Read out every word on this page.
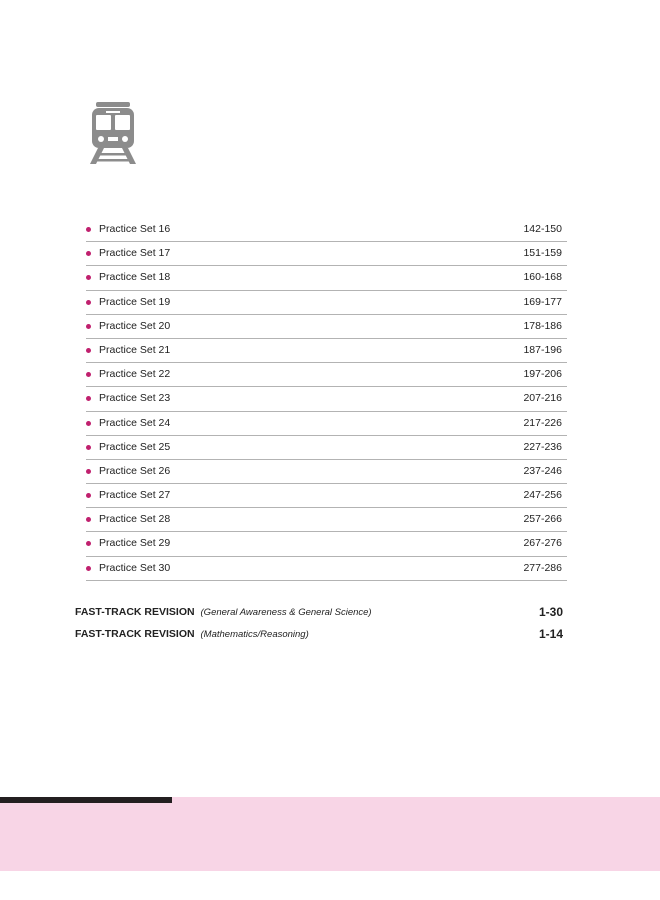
Practice Set 16	142-150
Practice Set 17	151-159
Practice Set 18	160-168
Practice Set 19	169-177
Practice Set 20	178-186
Practice Set 21	187-196
Practice Set 22	197-206
Practice Set 23	207-216
Practice Set 24	217-226
Practice Set 25	227-236
Practice Set 26	237-246
Practice Set 27	247-256
Practice Set 28	257-266
Practice Set 29	267-276
Practice Set 30	277-286
FAST-TRACK REVISION (General Awareness & General Science)	1-30
FAST-TRACK REVISION (Mathematics/Reasoning)	1-14
